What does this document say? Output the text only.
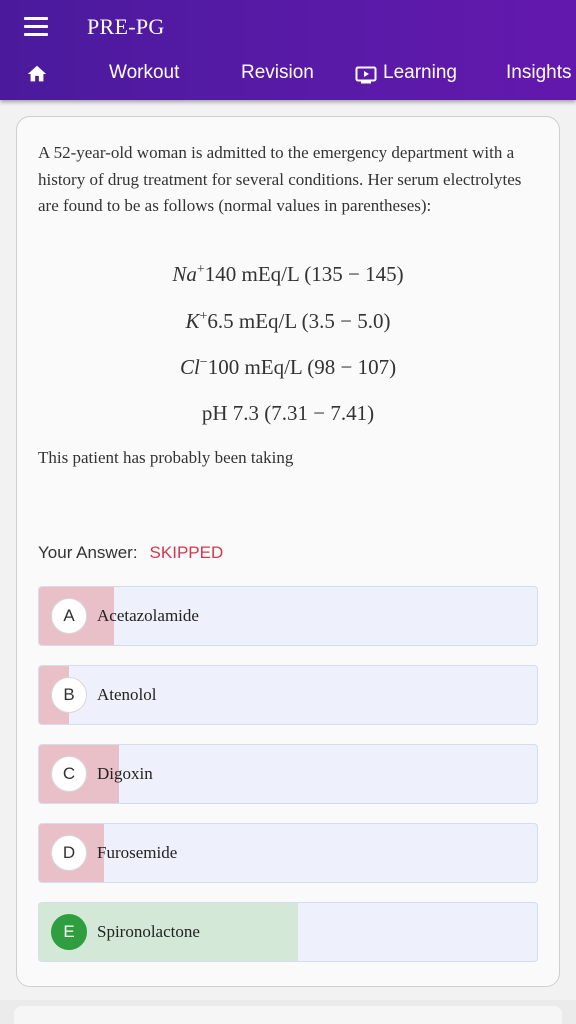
PRE-PG
Workout	Revision	Learning	Insights
A 52-year-old woman is admitted to the emergency department with a history of drug treatment for several conditions. Her serum electrolytes are found to be as follows (normal values in parentheses):
Na+140 mEq/L (135 − 145)
K+6.5 mEq/L (3.5 − 5.0)
Cl−100 mEq/L (98 − 107)
pH 7.3 (7.31 − 7.41)
This patient has probably been taking
Your Answer: SKIPPED
A	Acetazolamide
B	Atenolol
C	Digoxin
D	Furosemide
E	Spironolactone
